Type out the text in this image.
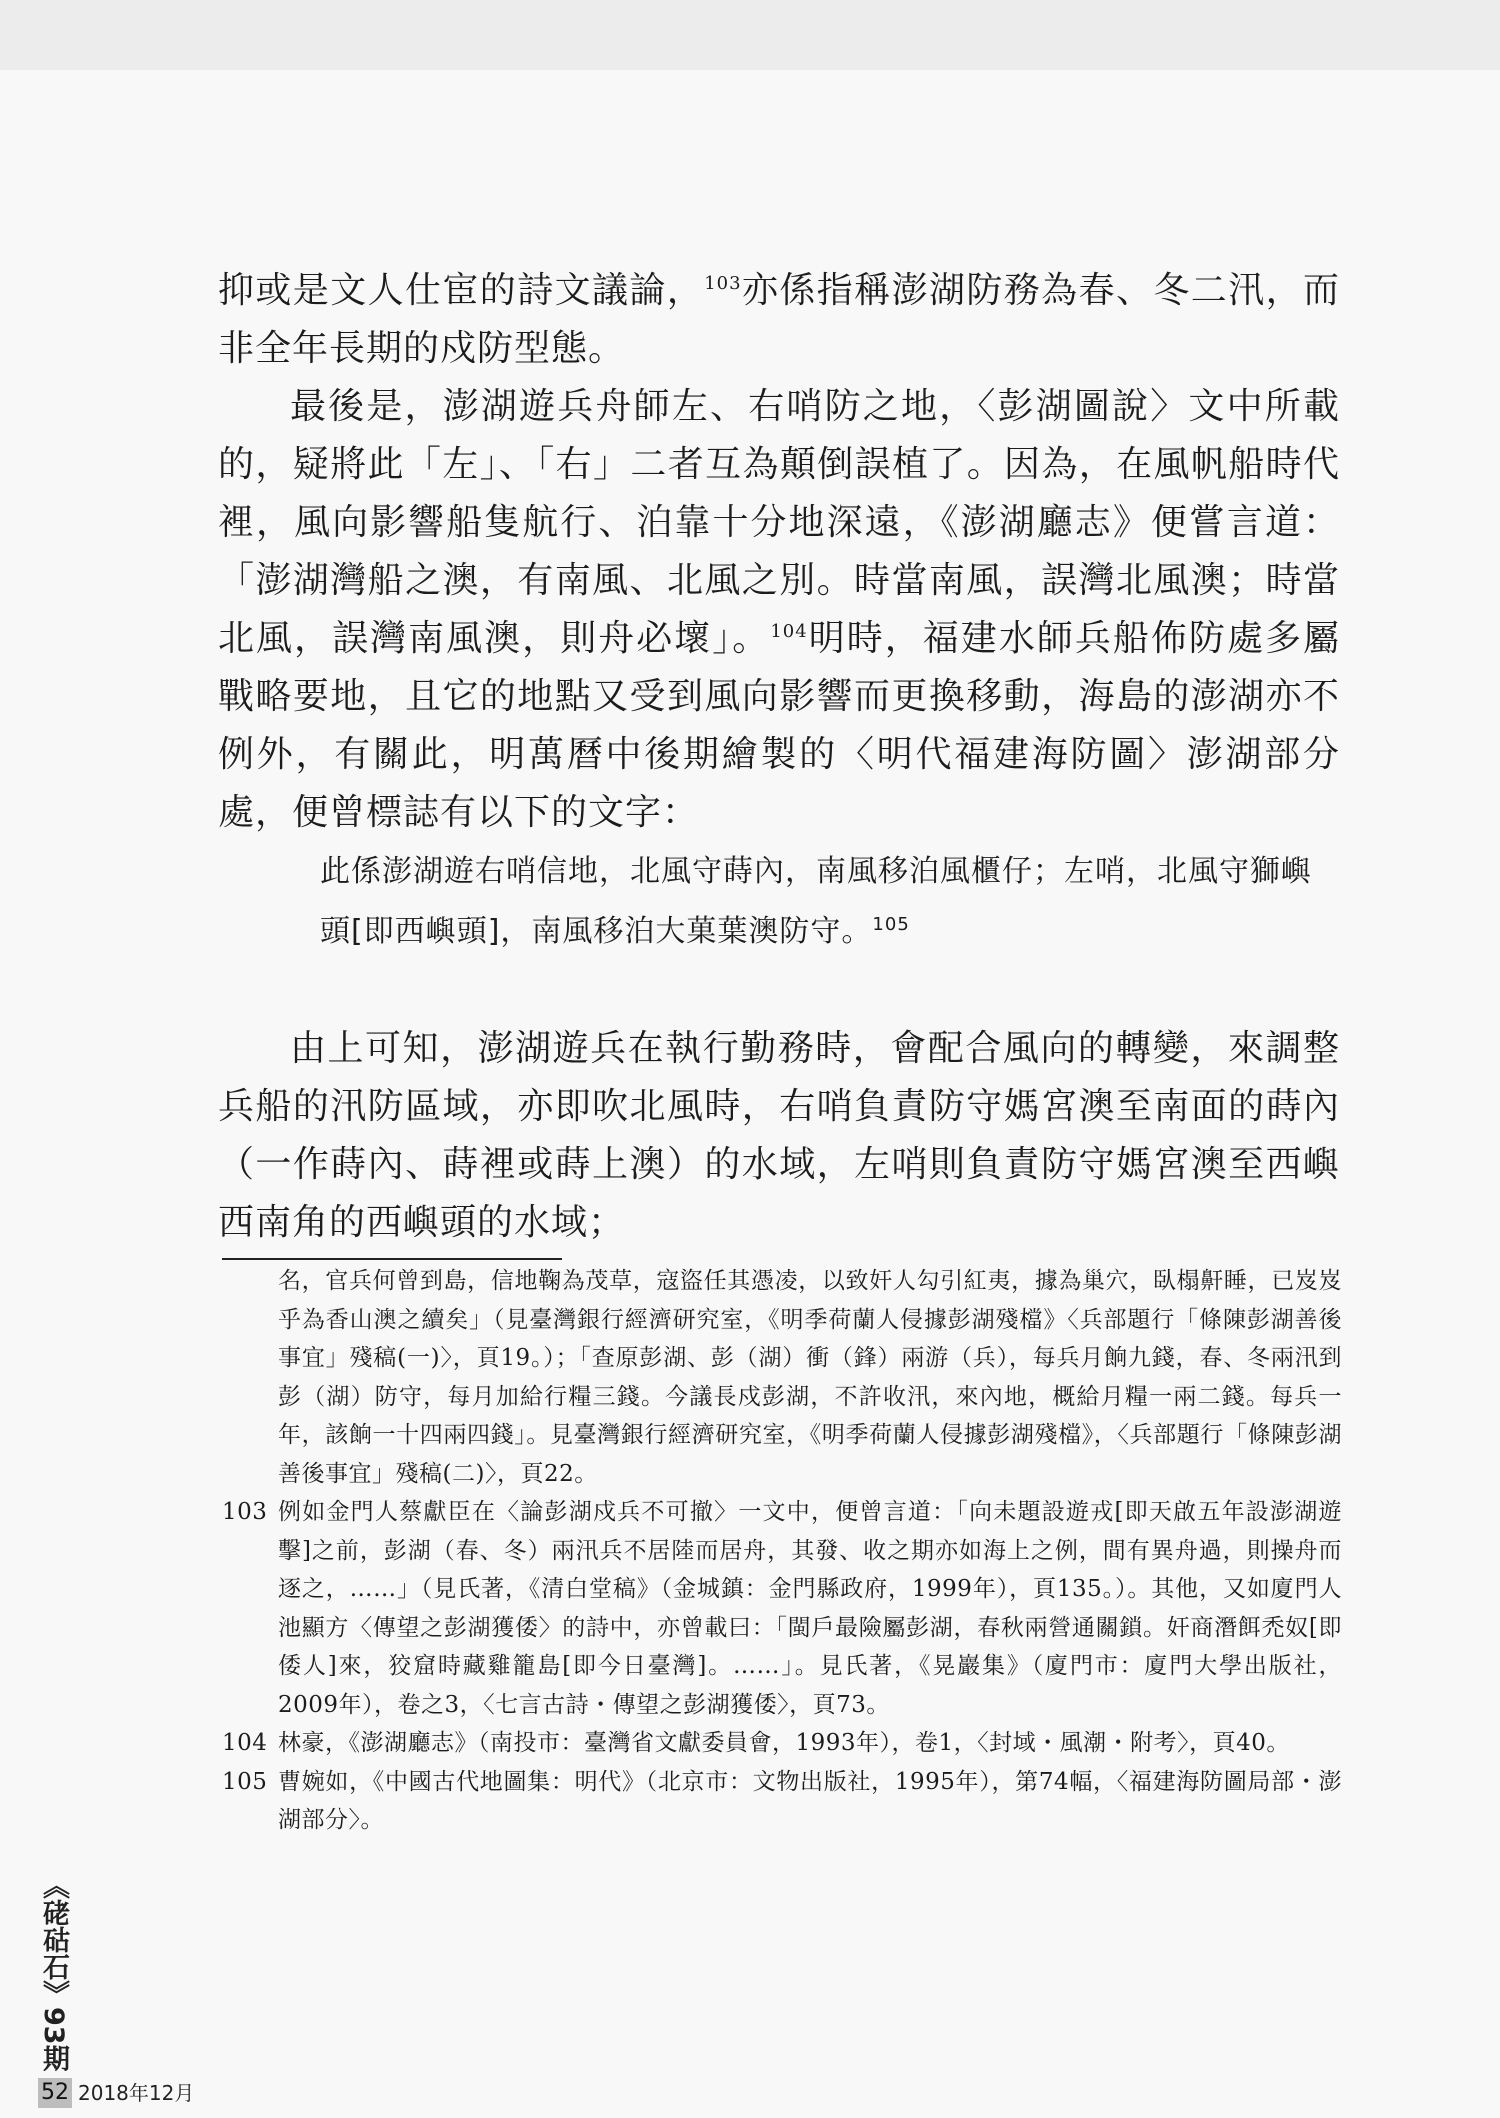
抑或是文人仕宦的詩文議論，$^{103}$亦係指稱澎湖防務為春、冬二汛，而非全年長期的戍防型態。

最後是，澎湖遊兵舟師左、右哨防之地，〈彭湖圖說〉文中所載的，疑將此「左」、「右」二者互為顛倒誤植了。因為，在風帆船時代裡，風向影響船隻航行、泊靠十分地深遠，《澎湖廳志》便嘗言道：「澎湖灣船之澳，有南風、北風之別。時當南風，誤灣北風澳；時當北風，誤灣南風澳，則舟必壞」。$^{104}$明時，福建水師兵船佈防處多屬戰略要地，且它的地點又受到風向影響而更換移動，海島的澎湖亦不例外，有關此，明萬曆中後期繪製的〈明代福建海防圖〉澎湖部分處，便曾標誌有以下的文字：

此係澎湖遊右哨信地，北風守蒔內，南風移泊風櫃仔；左哨，北風守獅嶼頭[即西嶼頭]，南風移泊大菓葉澳防守。$^{105}$
由上可知，澎湖遊兵在執行勤務時，會配合風向的轉變，來調整兵船的汛防區域，亦即吹北風時，右哨負責防守媽宮澳至南面的蒔內（一作蒔內、蒔裡或蒔上澳）的水域，左哨則負責防守媽宮澳至西嶼西南角的西嶼頭的水域；
名，官兵何曾到島，信地鞠為茂草，寇盜任其憑凌，以致奸人勾引紅夷，據為巢穴，臥榻鼾睡，已岌岌乎為香山澳之續矣」（見臺灣銀行經濟研究室，《明季荷蘭人侵據彭湖殘檔》〈兵部題行「條陳彭湖善後事宜」殘稿(一)〉，頁19。）；「查原彭湖、彭（湖）衝（鋒）兩游（兵），每兵月餉九錢，春、冬兩汛到彭（湖）防守，每月加給行糧三錢。今議長戍彭湖，不許收汛，來內地，概給月糧一兩二錢。每兵一年，該餉一十四兩四錢」。見臺灣銀行經濟研究室，《明季荷蘭人侵據彭湖殘檔》，〈兵部題行「條陳彭湖善後事宜」殘稿(二)〉，頁22。
103 例如金門人蔡獻臣在〈論彭湖戍兵不可撤〉一文中，便曾言道：「向未題設遊戎[即天啟五年設澎湖遊擊]之前，彭湖（春、冬）兩汛兵不居陸而居舟，其發、收之期亦如海上之例，間有異舟過，則操舟而逐之，……」（見氏著，《清白堂稿》（金城鎮：金門縣政府，1999年），頁135。）。其他，又如廈門人池顯方〈傳望之彭湖獲倭〉的詩中，亦曾載曰：「閩戶最險屬彭湖，春秋兩營通關鎖。奸商潛餌禿奴[即倭人]來，狡窟時藏雞籠島[即今日臺灣]。……」。見氏著，《晃巖集》（廈門市：廈門大學出版社，2009年），卷之3，〈七言古詩・傳望之彭湖獲倭〉，頁73。
104 林豪，《澎湖廳志》（南投市：臺灣省文獻委員會，1993年），卷1，〈封域・風潮・附考〉，頁40。
105 曹婉如，《中國古代地圖集：明代》（北京市：文物出版社，1995年），第74幅，〈福建海防圖局部・澎湖部分〉。
《硓𥑮石》93期
52 2018年12月
